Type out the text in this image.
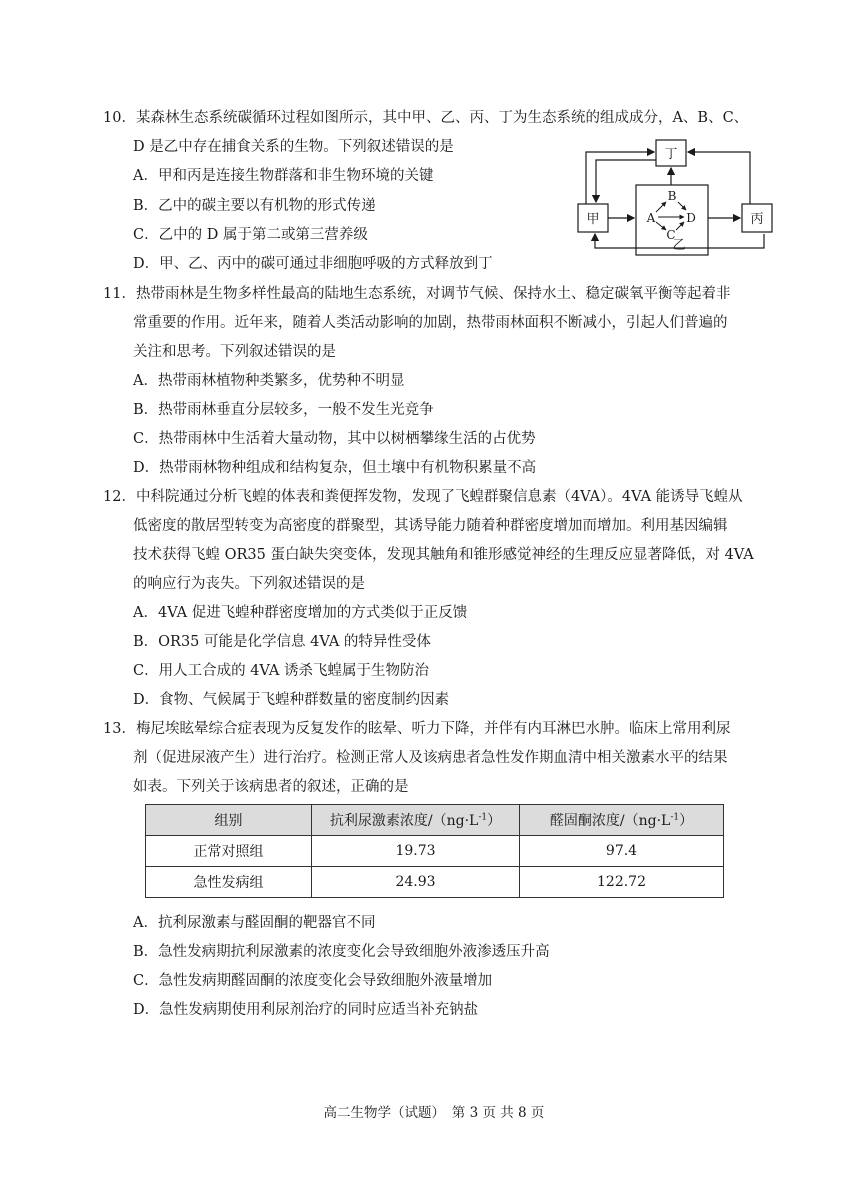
10．某森林生态系统碳循环过程如图所示，其中甲、乙、丙、丁为生态系统的组成成分，A、B、C、
D 是乙中存在捕食关系的生物。下列叙述错误的是
A．甲和丙是连接生物群落和非生物环境的关键
B．乙中的碳主要以有机物的形式传递
C．乙中的 D 属于第二或第三营养级
D．甲、乙、丙中的碳可通过非细胞呼吸的方式释放到丁
丁
甲	丙
乙
A
B
C
D
11．热带雨林是生物多样性最高的陆地生态系统，对调节气候、保持水土、稳定碳氧平衡等起着非
常重要的作用。近年来，随着人类活动影响的加剧，热带雨林面积不断减小，引起人们普遍的
关注和思考。下列叙述错误的是
A．热带雨林植物种类繁多，优势种不明显
B．热带雨林垂直分层较多，一般不发生光竞争
C．热带雨林中生活着大量动物，其中以树栖攀缘生活的占优势
D．热带雨林物种组成和结构复杂，但土壤中有机物积累量不高
12．中科院通过分析飞蝗的体表和粪便挥发物，发现了飞蝗群聚信息素（4VA）。4VA 能诱导飞蝗从
低密度的散居型转变为高密度的群聚型，其诱导能力随着种群密度增加而增加。利用基因编辑
技术获得飞蝗 OR35 蛋白缺失突变体，发现其触角和锥形感觉神经的生理反应显著降低，对 4VA
的响应行为丧失。下列叙述错误的是
A．4VA 促进飞蝗种群密度增加的方式类似于正反馈
B．OR35 可能是化学信息 4VA 的特异性受体
C．用人工合成的 4VA 诱杀飞蝗属于生物防治
D．食物、气候属于飞蝗种群数量的密度制约因素
13．梅尼埃眩晕综合症表现为反复发作的眩晕、听力下降，并伴有内耳淋巴水肿。临床上常用利尿
剂（促进尿液产生）进行治疗。检测正常人及该病患者急性发作期血清中相关激素水平的结果
如表。下列关于该病患者的叙述，正确的是
组别	抗利尿激素浓度$/(ng\cdot L^{-1})$	醛固酮浓度$/(ng\cdot L^{-1})$
正常对照组	19.73	97.4
急性发病组	24.93	122.72
A．抗利尿激素与醛固酮的靶器官不同
B．急性发病期抗利尿激素的浓度变化会导致细胞外液渗透压升高
C．急性发病期醛固酮的浓度变化会导致细胞外液量增加
D．急性发病期使用利尿剂治疗的同时应适当补充钠盐
高二生物学（试题）　第 3 页 共 8 页
